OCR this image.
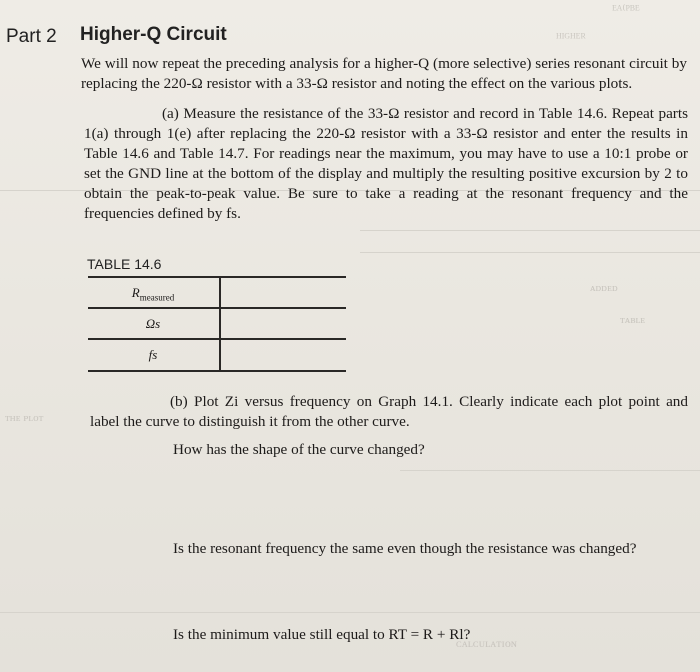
ᴱᴬ⁽ᴾᴮᴱ
ᴴᴵᴳᴴᴱᴿ
ᴀᴅᴅᴇᴅ
ᴛᴀʙʟᴇ
ᴛʜᴇ ᴘʟᴏᴛ
ᴄᴀʟᴄᴜʟᴀᴛɪᴏɴ
Part 2 Higher-Q Circuit
We will now repeat the preceding analysis for a higher-Q (more selective) series resonant circuit by replacing the 220-Ω resistor with a 33-Ω resistor and noting the effect on the various plots.
(a) Measure the resistance of the 33-Ω resistor and record in Table 14.6. Repeat parts 1(a) through 1(e) after replacing the 220-Ω resistor with a 33-Ω resistor and enter the results in Table 14.6 and Table 14.7. For readings near the maximum, you may have to use a 10:1 probe or set the GND line at the bottom of the display and multiply the resulting positive excursion by 2 to obtain the peak-to-peak value. Be sure to take a reading at the resonant frequency and the frequencies defined by fs.
TABLE 14.6
$R_{measured}$
Ωs
fs
(b) Plot Zi versus frequency on Graph 14.1. Clearly indicate each plot point and label the curve to distinguish it from the other curve.
How has the shape of the curve changed?
Is the resonant frequency the same even though the resistance was changed?
Is the minimum value still equal to RT = R + Rl?
